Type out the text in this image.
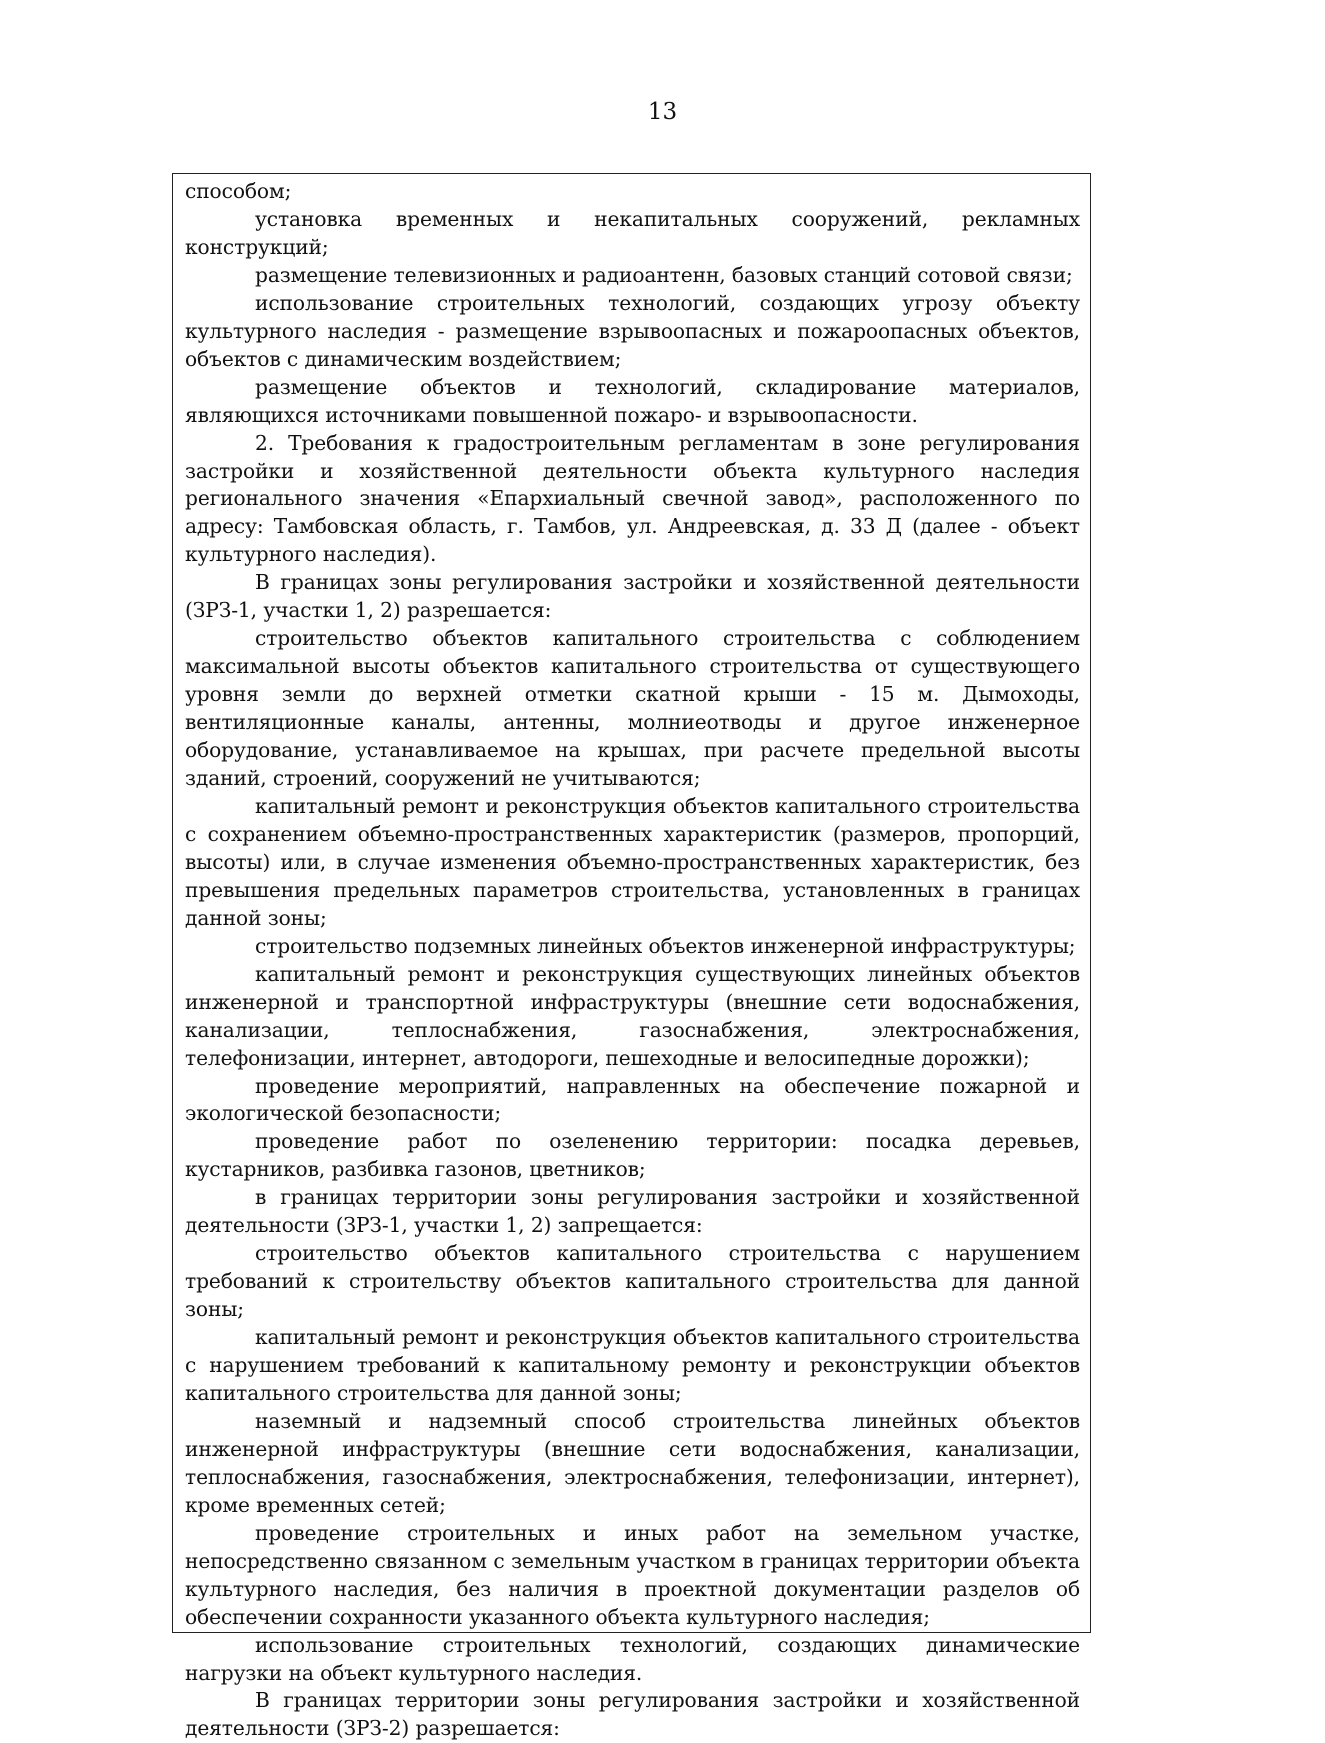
13

способом;

установка временных и некапитальных сооружений, рекламных конструкций;

размещение телевизионных и радиоантенн, базовых станций сотовой связи;

использование строительных технологий, создающих угрозу объекту культурного наследия - размещение взрывоопасных и пожароопасных объектов, объектов с динамическим воздействием;

размещение объектов и технологий, складирование материалов, являющихся источниками повышенной пожаро- и взрывоопасности.

2. Требования к градостроительным регламентам в зоне регулирования застройки и хозяйственной деятельности объекта культурного наследия регионального значения «Епархиальный свечной завод», расположенного по адресу: Тамбовская область, г. Тамбов, ул. Андреевская, д. 33 Д (далее - объект культурного наследия).

В границах зоны регулирования застройки и хозяйственной деятельности (ЗРЗ-1, участки 1, 2) разрешается:

строительство объектов капитального строительства с соблюдением максимальной высоты объектов капитального строительства от существующего уровня земли до верхней отметки скатной крыши - 15 м. Дымоходы, вентиляционные каналы, антенны, молниеотводы и другое инженерное оборудование, устанавливаемое на крышах, при расчете предельной высоты зданий, строений, сооружений не учитываются;

капитальный ремонт и реконструкция объектов капитального строительства с сохранением объемно-пространственных характеристик (размеров, пропорций, высоты) или, в случае изменения объемно-пространственных характеристик, без превышения предельных параметров строительства, установленных в границах данной зоны;

строительство подземных линейных объектов инженерной инфраструктуры;

капитальный ремонт и реконструкция существующих линейных объектов инженерной и транспортной инфраструктуры (внешние сети водоснабжения, канализации, теплоснабжения, газоснабжения, электроснабжения, телефонизации, интернет, автодороги, пешеходные и велосипедные дорожки);

проведение мероприятий, направленных на обеспечение пожарной и экологической безопасности;

проведение работ по озеленению территории: посадка деревьев, кустарников, разбивка газонов, цветников;

в границах территории зоны регулирования застройки и хозяйственной деятельности (ЗРЗ-1, участки 1, 2) запрещается:

строительство объектов капитального строительства с нарушением требований к строительству объектов капитального строительства для данной зоны;

капитальный ремонт и реконструкция объектов капитального строительства с нарушением требований к капитальному ремонту и реконструкции объектов капитального строительства для данной зоны;

наземный и надземный способ строительства линейных объектов инженерной инфраструктуры (внешние сети водоснабжения, канализации, теплоснабжения, газоснабжения, электроснабжения, телефонизации, интернет), кроме временных сетей;

проведение строительных и иных работ на земельном участке, непосредственно связанном с земельным участком в границах территории объекта культурного наследия, без наличия в проектной документации разделов об обеспечении сохранности указанного объекта культурного наследия;

использование строительных технологий, создающих динамические нагрузки на объект культурного наследия.

В границах территории зоны регулирования застройки и хозяйственной деятельности (ЗРЗ-2) разрешается:
